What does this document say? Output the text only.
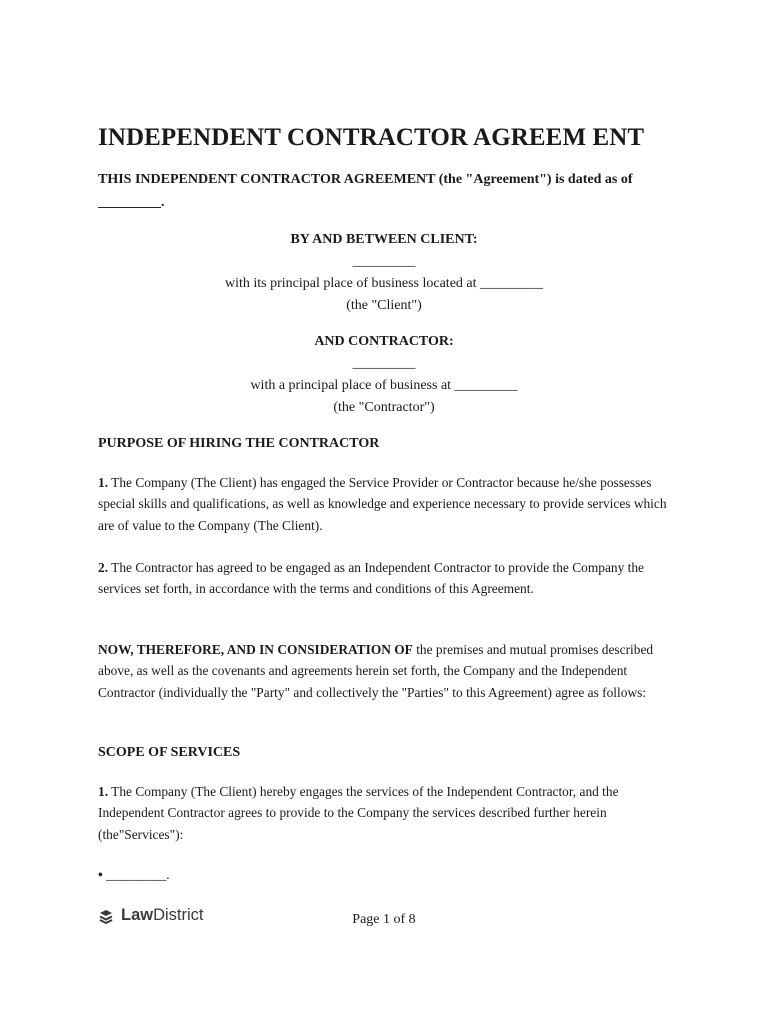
INDEPENDENT CONTRACTOR AGREEM ENT

THIS INDEPENDENT CONTRACTOR AGREEMENT (the "Agreement") is dated as of _________.

BY AND BETWEEN CLIENT:
_________
with its principal place of business located at _________
(the "Client")
AND CONTRACTOR:
_________
with a principal place of business at _________
(the "Contractor")
PURPOSE OF HIRING THE CONTRACTOR

1. The Company (The Client) has engaged the Service Provider or Contractor because he/she possesses special skills and qualifications, as well as knowledge and experience necessary to provide services which are of value to the Company (The Client).

2. The Contractor has agreed to be engaged as an Independent Contractor to provide the Company the services set forth, in accordance with the terms and conditions of this Agreement.

NOW, THEREFORE, AND IN CONSIDERATION OF the premises and mutual promises described above, as well as the covenants and agreements herein set forth, the Company and the Independent Contractor (individually the "Party" and collectively the "Parties" to this Agreement) agree as follows:

SCOPE OF SERVICES

1. The Company (The Client) hereby engages the services of the Independent Contractor, and the Independent Contractor agrees to provide to the Company the services described further herein (the"Services"):

• _________.

LawDistrict	Page 1 of 8
